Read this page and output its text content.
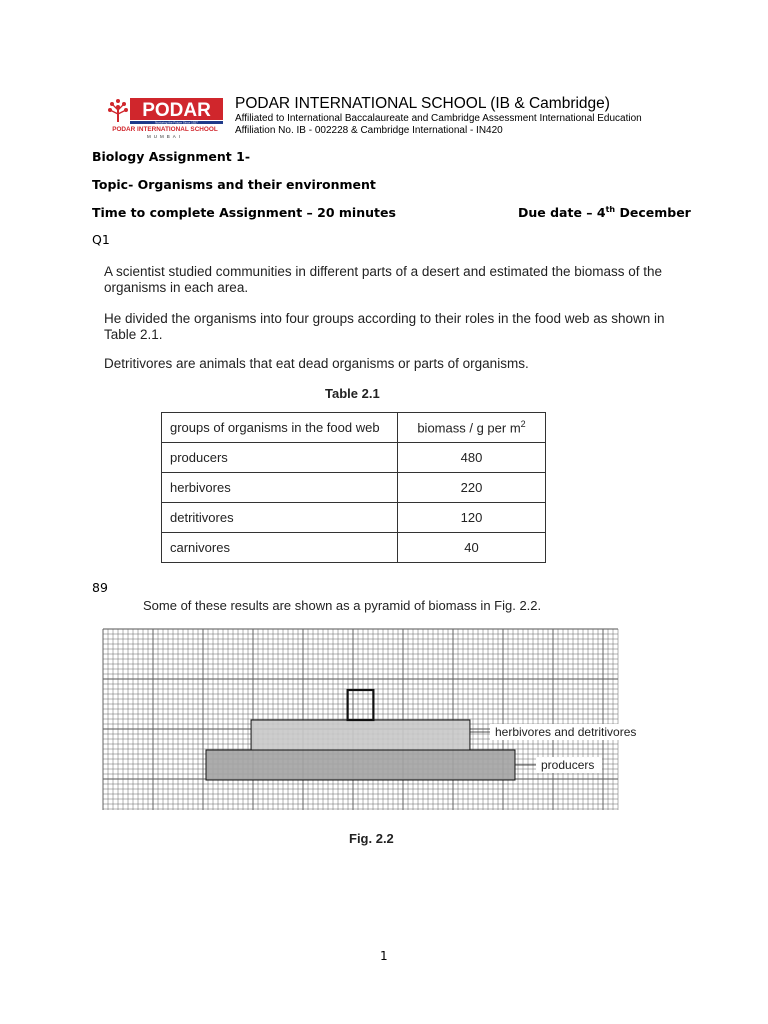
PODAR
Nurturing the Future Since 1927
PODAR INTERNATIONAL SCHOOL
MUMBAI
PODAR INTERNATIONAL SCHOOL (IB & Cambridge)
Affiliated to International Baccalaureate and Cambridge Assessment International Education
Affiliation No. IB - 002228 & Cambridge International - IN420
Biology Assignment 1-
Topic- Organisms and their environment
Time to complete Assignment – 20 minutes	Due date – 4th December
Q1
A scientist studied communities in different parts of a desert and estimated the biomass of the organisms in each area.
He divided the organisms into four groups according to their roles in the food web as shown in Table 2.1.
Detritivores are animals that eat dead organisms or parts of organisms.
Table 2.1
groups of organisms in the food web	biomass / g per $m^2$
producers	480
herbivores	220
detritivores	120
carnivores	40
89
Some of these results are shown as a pyramid of biomass in Fig. 2.2.
herbivores and detritivores
producers
Fig. 2.2
1
